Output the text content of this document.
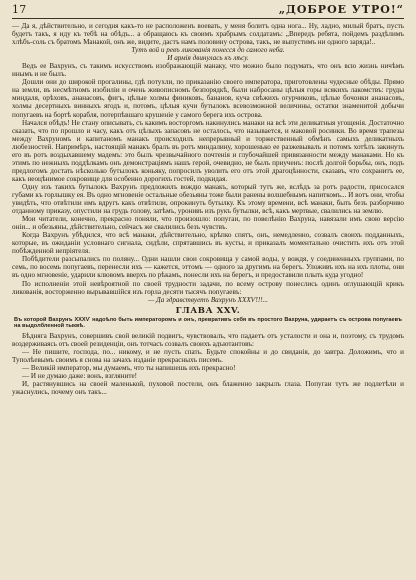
17	„ДОБРОЕ УТРО!“

— Да я, дѣйствительно, и сегодня какъ-то не расположенъ воевать, у меня болитъ одна нога... Ну, ладно, милый братъ, пусть будетъ такъ, я иду къ тебѣ на обѣдъ... а обращаюсь къ своимъ храбрымъ солдатамъ: „Впередъ ребята, пойдемъ раздѣлимъ хлѣбъ-соль съ братомъ Манакой, онъ же, видите, дастъ намъ половину острова, такъ, не выпустимъ ни одного заряда!..

Тутъ вой и ревъ ликованія понесся до самого неба.

И армія двинулась къ лѣсу.

Ведъ ее Вахрунъ, съ такимъ искусствомъ изображающій манаку, что можно было подумать, что онъ всю жизнь ничѣмъ инымъ и не былъ.

Дошли они до широкой прогалины, гдѣ потухли, по приказанію своего императора, приготовлены чудесные обѣды. Прямо на земли, въ несмѣтномъ изобиліи и очень живописномъ безпорядкѣ, были набросаны цѣлыя горы всякихъ лакомствъ: груды миндаля, орѣховъ, ананасовъ, фигъ, цѣлые холмы финиковъ, бананов, куча свѣжихъ огурчиковъ, цѣлые бочонки ананасовъ, холмы десертныхъ винныхъ ягодъ и, потомъ, цѣлыя кучи бутылокъ всевозможной величины, остатки знаменитой добычи попугаевъ на бортѣ корабля, потерпѣвшаго крушеніе у самого берега ихъ острова.

Начался обѣдъ! Не стану описывать, съ какимъ восторгомъ накинулись манаки на всѣ эти деликатныя угощенія. Достаточно сказать, что по прошло и часу, какъ отъ цѣлыхъ запасовъ не осталось, что называется, и маковой росинки. Во время трапезы между Вахруномъ и капитаномъ манакъ происходилъ непрерывный и торжественный обмѣнъ самыхъ деликатныхъ любезностей. Напримѣръ, настоящій манакъ бралъ въ ротъ миндалину, хорошенько ее разжевывалъ и потомъ хотѣлъ закинуть его въ ротъ воздыхавшему мадемъ: это былъ чрезвычайного почтенія и глубочайшей привязанности между манаками. Но къ этимъ по нежныхъ поддѣлкамъ онъ демонстраціямъ нашъ герой, очевидно, не былъ приученъ: послѣ долгой борьбы, онъ, подъ предлогомъ достать нѣсколько бутылокъ коньяку, попросилъ уволить его отъ этой драгоцѣнности, сказавъ, что сохранитъ ее, какъ неоцѣнимое сокровище для особенно дорогихъ гостей, подкидая.

Одну изъ такихъ бутылокъ Вахрунъ предложилъ вождю манакъ, который тутъ же, вслѣдъ за ротъ радости, присосался губами къ горлышку ея. Въ одно мгновеніе остальные обезьяны тоже были ранены волшебнымъ напиткомъ... И вотъ они, чтобы увидѣть, что отвѣтили имъ вдругъ какъ отвѣтили, опрокинуть бутылку. Къ этому времени, всѣ манаки, быть безъ разборчиво отданному приказу, опустили на грудь голову, затѣмъ, уронивъ изъ рукъ бутылки, всѣ, какъ мертвые, свалились на землю.

Мои читатели, конечно, прекрасно поняли, что произошло: попугаи, по повелѣнію Вахруна, навязали имъ свою версію оніи... и обезьяны, дѣйствительно, сейчасъ же свалились безъ чувствъ.

Когда Вахрунъ убѣдился, что всѣ манаки, дѣйствительно, крѣпко спятъ, онъ, немедленно, созвалъ своихъ подданныхъ, которые, въ ожиданіи условнаго сигнала, сидѣли, спрятавшись въ кусты, и приказалъ моментально очистить ихъ отъ этой побѣжденной непріятеля.

Побѣдители разсыпались по поляну... Одни нашли свои сокровища у самой воды, у вождя, у соединенныхъ группами, по семь, по восемь попугаевъ, перенесли ихъ — кажется, эттомъ — одного за другимъ на берегъ. Уложивъ ихъ на ихъ плоты, они въ одно мгновеніе, ударили клювомъ вверхъ по рѣкамъ, понесли ихъ на берегъ, и предоставили плыть куда угодно!

По исполненіи этой невѣроятной по своей трудности задачи, по всему острову понеслись одинъ оглушающій крикъ ликованія, восторженно вырывавшійся изъ горла десяти тысячъ попугаевъ:

— Да здравствуетъ Вахрунъ ХХХѴ!!!...

ГЛАВА XXV.
Въ которой Вахрунъ ХХХѴ надоѣло быть императоромъ и онъ, превративъ себя въ простого Вахруна, удираетъ съ острова попугаевъ на выдолбленной тыквѣ.

Бѣдняга Вахрунъ, совершивъ свой великій подвигъ, чувствовалъ, что падаетъ отъ усталости и она и, поэтому, съ трудомъ воздерживаясь отъ своей резиденціи, онъ тотчасъ созвалъ своихъ адъютантовъ:

— Не пишите, господа, по... никому, и не пусть спать. Будьте спокойны и до свиданія, до завтра. Доложимъ, что и Туполѣевымъ своимъ я снова на зачахъ изданіе прекрасныхъ писемъ.

— Великій император, мы думаемъ, что ты напишешь ихъ прекрасно!

— И не думаю даже: вонъ, взгляните!

И, растянувшись на своей маленькой, пуховой постели, онъ блаженно закрылъ глаза. Попугаи тутъ же подлетѣли и ужаснулись, почему онъ такъ...
